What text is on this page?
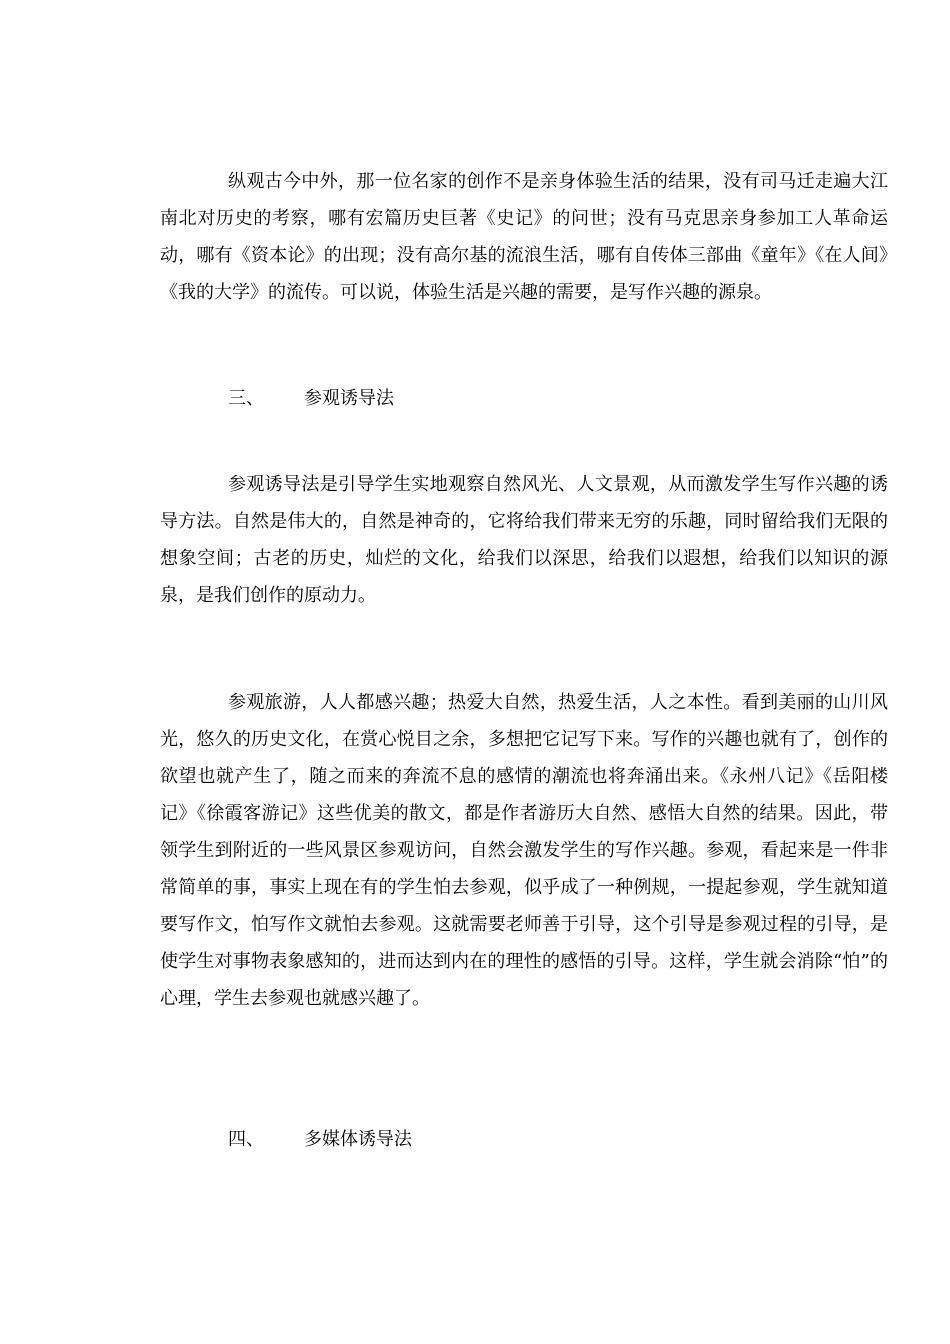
纵观古今中外，那一位名家的创作不是亲身体验生活的结果，没有司马迁走遍大江南北对历史的考察，哪有宏篇历史巨著《史记》的问世；没有马克思亲身参加工人革命运动，哪有《资本论》的出现；没有高尔基的流浪生活，哪有自传体三部曲《童年》《在人间》《我的大学》的流传。可以说，体验生活是兴趣的需要，是写作兴趣的源泉。

三、 参观诱导法

参观诱导法是引导学生实地观察自然风光、人文景观，从而激发学生写作兴趣的诱导方法。自然是伟大的，自然是神奇的，它将给我们带来无穷的乐趣，同时留给我们无限的想象空间；古老的历史，灿烂的文化，给我们以深思，给我们以遐想，给我们以知识的源泉，是我们创作的原动力。

参观旅游，人人都感兴趣；热爱大自然，热爱生活，人之本性。看到美丽的山川风光，悠久的历史文化，在赏心悦目之余，多想把它记写下来。写作的兴趣也就有了，创作的欲望也就产生了，随之而来的奔流不息的感情的潮流也将奔涌出来。《永州八记》《岳阳楼记》《徐霞客游记》这些优美的散文，都是作者游历大自然、感悟大自然的结果。因此，带领学生到附近的一些风景区参观访问，自然会激发学生的写作兴趣。参观，看起来是一件非常简单的事，事实上现在有的学生怕去参观，似乎成了一种例规，一提起参观，学生就知道要写作文，怕写作文就怕去参观。这就需要老师善于引导，这个引导是参观过程的引导，是使学生对事物表象感知的，进而达到内在的理性的感悟的引导。这样，学生就会消除“怕”的心理，学生去参观也就感兴趣了。

四、 多媒体诱导法
